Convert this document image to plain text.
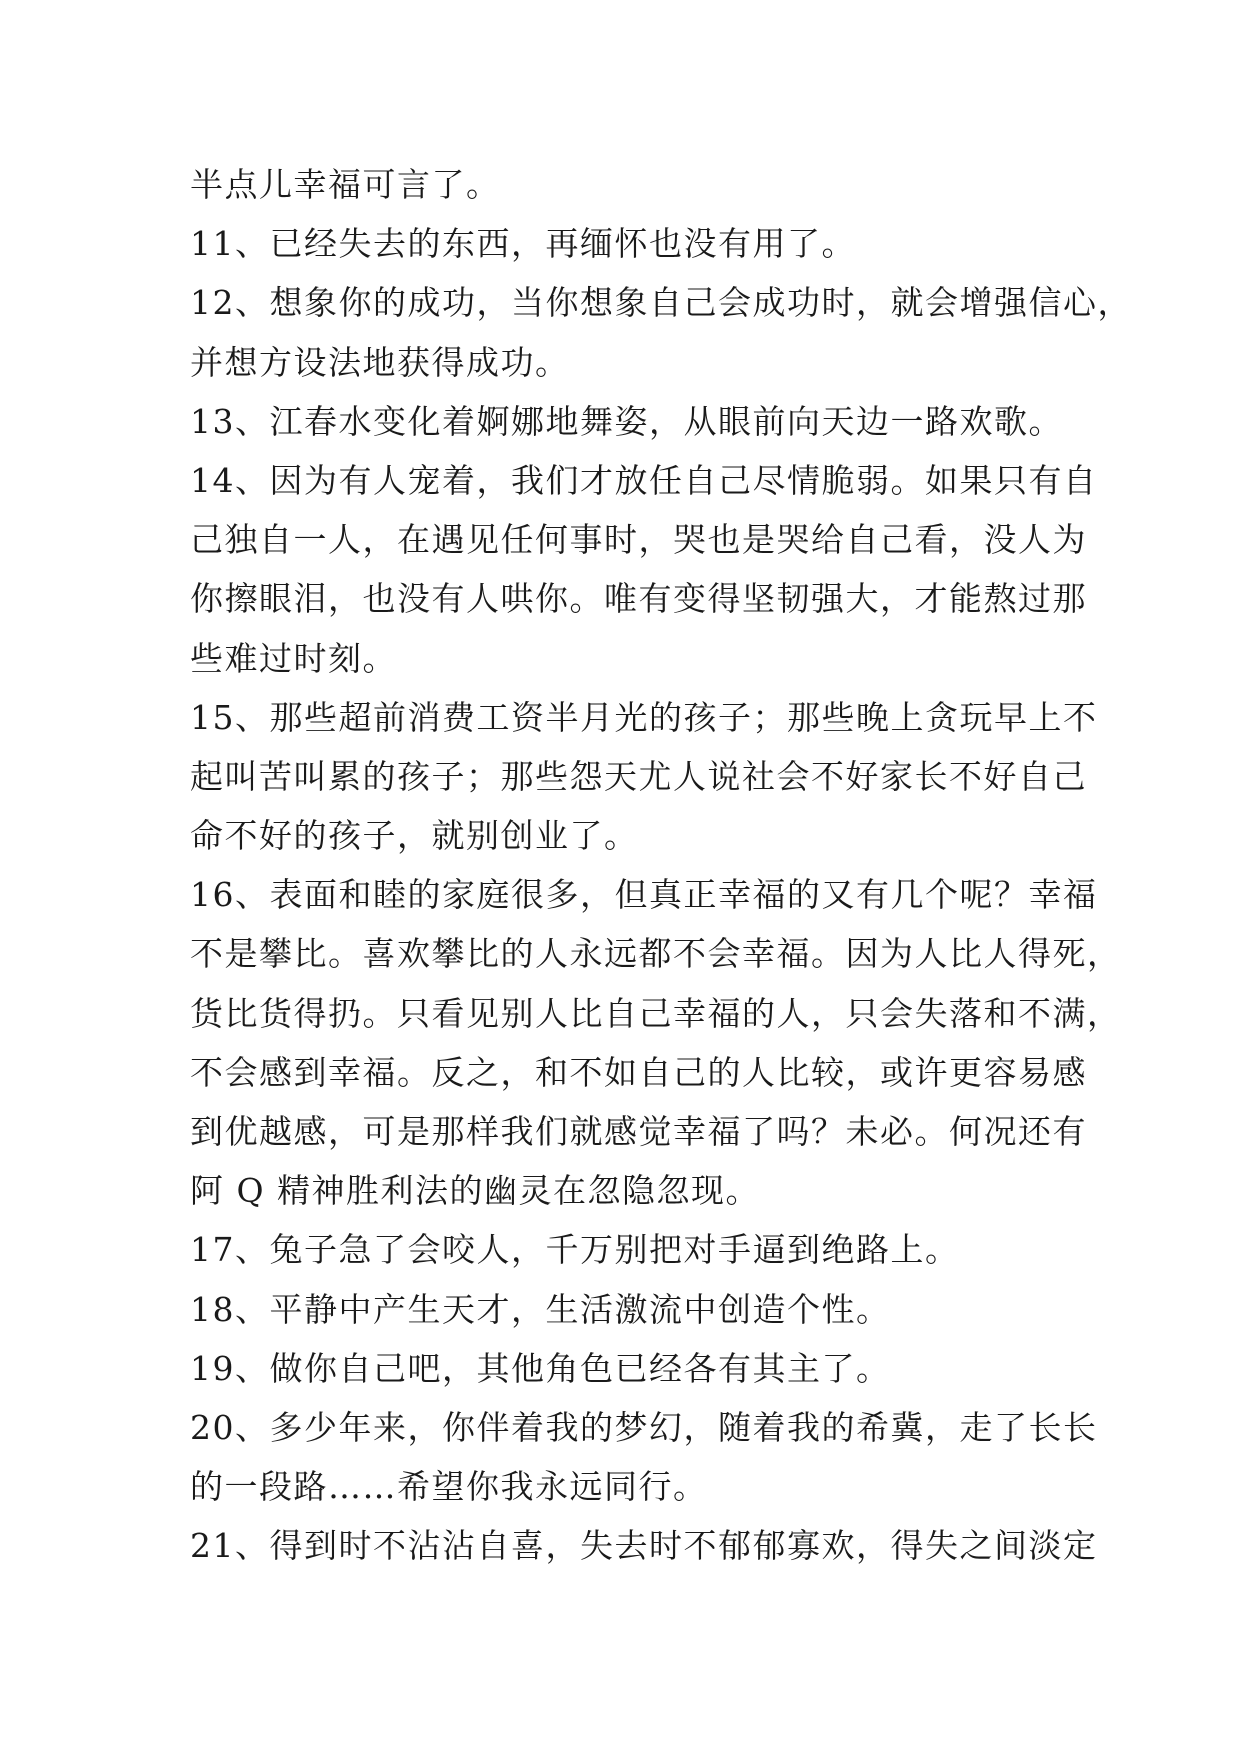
半点儿幸福可言了。
11、已经失去的东西，再缅怀也没有用了。
12、想象你的成功，当你想象自己会成功时，就会增强信心，
并想方设法地获得成功。
13、江春水变化着婀娜地舞姿，从眼前向天边一路欢歌。
14、因为有人宠着，我们才放任自己尽情脆弱。如果只有自
己独自一人，在遇见任何事时，哭也是哭给自己看，没人为
你擦眼泪，也没有人哄你。唯有变得坚韧强大，才能熬过那
些难过时刻。
15、那些超前消费工资半月光的孩子；那些晚上贪玩早上不
起叫苦叫累的孩子；那些怨天尤人说社会不好家长不好自己
命不好的孩子，就别创业了。
16、表面和睦的家庭很多，但真正幸福的又有几个呢？幸福
不是攀比。喜欢攀比的人永远都不会幸福。因为人比人得死，
货比货得扔。只看见别人比自己幸福的人，只会失落和不满，
不会感到幸福。反之，和不如自己的人比较，或许更容易感
到优越感，可是那样我们就感觉幸福了吗？未必。何况还有
阿 Q 精神胜利法的幽灵在忽隐忽现。
17、兔子急了会咬人，千万别把对手逼到绝路上。
18、平静中产生天才，生活激流中创造个性。
19、做你自己吧，其他角色已经各有其主了。
20、多少年来，你伴着我的梦幻，随着我的希冀，走了长长
的一段路……希望你我永远同行。
21、得到时不沾沾自喜，失去时不郁郁寡欢，得失之间淡定
